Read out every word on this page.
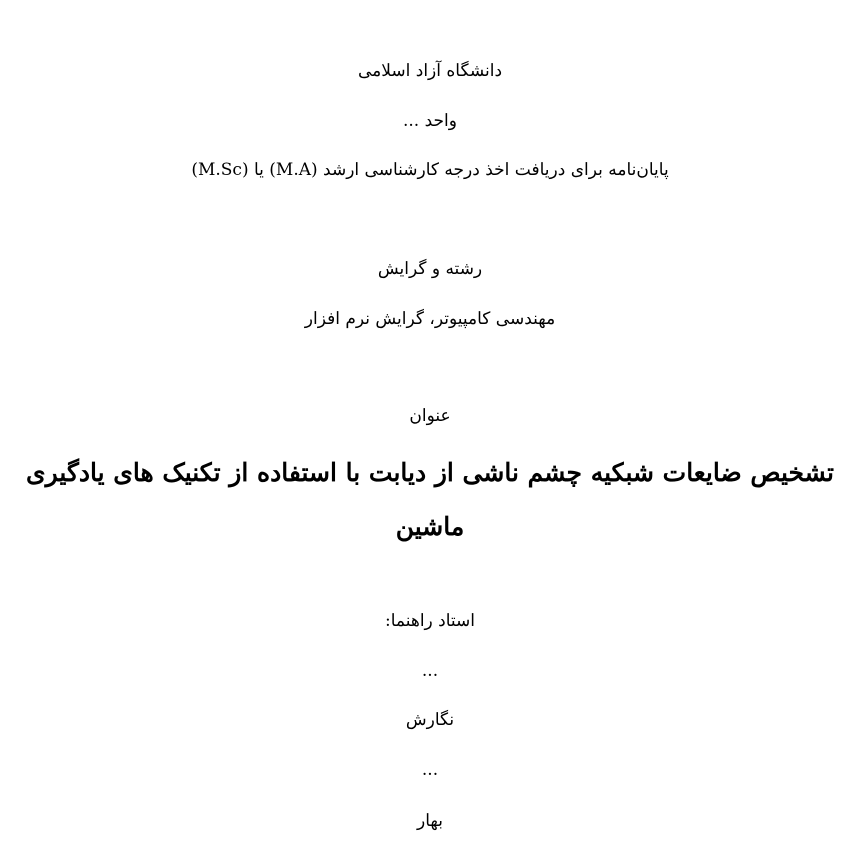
دانشگاه آزاد اسلامی
واحد ...
پایان‌نامه برای دریافت اخذ درجه کارشناسی ارشد (M.A) یا (M.Sc)
رشته و گرایش
مهندسی کامپیوتر، گرایش نرم افزار
عنوان
تشخیص ضایعات شبکیه چشم ناشی از دیابت با استفاده از تکنیک های یادگیری
ماشین
استاد راهنما:
...
نگارش
...
بهار
